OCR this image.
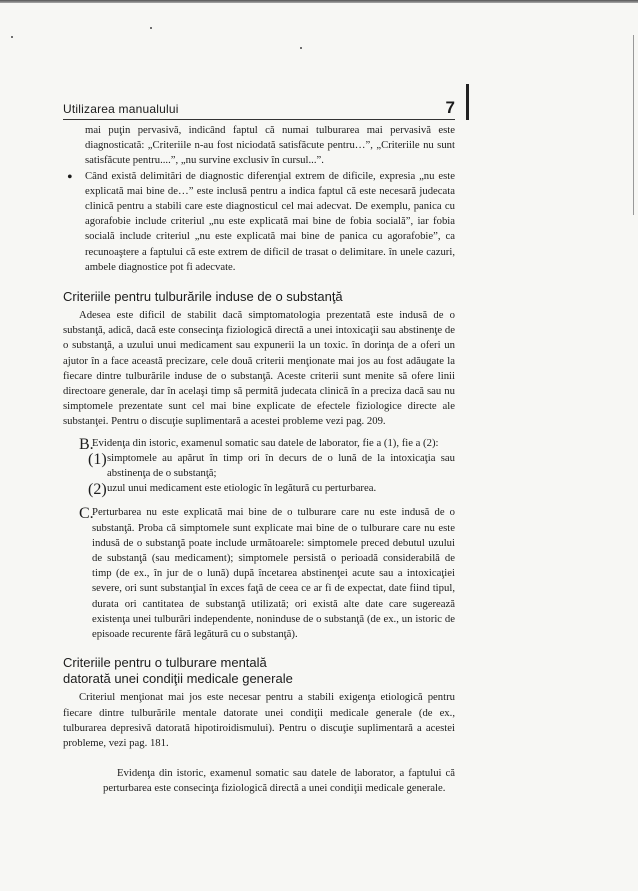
Utilizarea manualului	7

mai puţin pervasivă, indicând faptul că numai tulburarea mai pervasivă este diagnosticată: „Criteriile n-au fost niciodată satisfăcute pentru…”, „Criteriile nu sunt satisfăcute pentru....”, „nu survine exclusiv în cursul...”.

• Când există delimitări de diagnostic diferenţial extrem de dificile, expresia „nu este explicată mai bine de…” este inclusă pentru a indica faptul că este necesară judecata clinică pentru a stabili care este diagnosticul cel mai adecvat. De exemplu, panica cu agorafobie include criteriul „nu este explicată mai bine de fobia socială”, iar fobia socială include criteriul „nu este explicată mai bine de panica cu agorafobie”, ca recunoaştere a faptului că este extrem de dificil de trasat o delimitare. în unele cazuri, ambele diagnostice pot fi adecvate.

Criteriile pentru tulburările induse de o substanţă

Adesea este dificil de stabilit dacă simptomatologia prezentată este indusă de o substanţă, adică, dacă este consecinţa fiziologică directă a unei intoxicaţii sau abstinenţe de o substanţă, a uzului unui medicament sau expunerii la un toxic. în dorinţa de a oferi un ajutor în a face această precizare, cele două criterii menţionate mai jos au fost adăugate la fiecare dintre tulburările induse de o substanţă. Aceste criterii sunt menite să ofere linii directoare generale, dar în acelaşi timp să permită judecata clinică în a preciza dacă sau nu simptomele prezentate sunt cel mai bine explicate de efectele fiziologice directe ale substanţei. Pentru o discuţie suplimentară a acestei probleme vezi pag. 209.

B.

Evidenţa din istoric, examenul somatic sau datele de laborator, fie a (1), fie a (2):

(1) simptomele au apărut în timp ori în decurs de o lună de la intoxicaţia sau abstinenţa de o substanţă;

(2) uzul unui medicament este etiologic în legătură cu perturbarea.

C.

Perturbarea nu este explicată mai bine de o tulburare care nu este indusă de o substanţă. Proba că simptomele sunt explicate mai bine de o tulburare care nu este indusă de o substanţă poate include următoarele: simptomele preced debutul uzului de substanţă (sau medicament); simptomele persistă o perioadă considerabilă de timp (de ex., în jur de o lună) după încetarea abstinenţei acute sau a intoxicaţiei severe, ori sunt substanţial în exces faţă de ceea ce ar fi de expectat, date fiind tipul, durata ori cantitatea de substanţă utilizată; ori există alte date care sugerează existenţa unei tulburări independente, noninduse de o substanţă (de ex., un istoric de episoade recurente fără legătură cu o substanţă).

Criteriile pentru o tulburare mentală
datorată unei condiţii medicale generale

Criteriul menţionat mai jos este necesar pentru a stabili exigenţa etiologică pentru fiecare dintre tulburările mentale datorate unei condiţii medicale generale (de ex., tulburarea depresivă datorată hipotiroidismului). Pentru o discuţie suplimentară a acestei probleme, vezi pag. 181.

Evidenţa din istoric, examenul somatic sau datele de laborator, a faptului că perturbarea este consecinţa fiziologică directă a unei condiţii medicale generale.
